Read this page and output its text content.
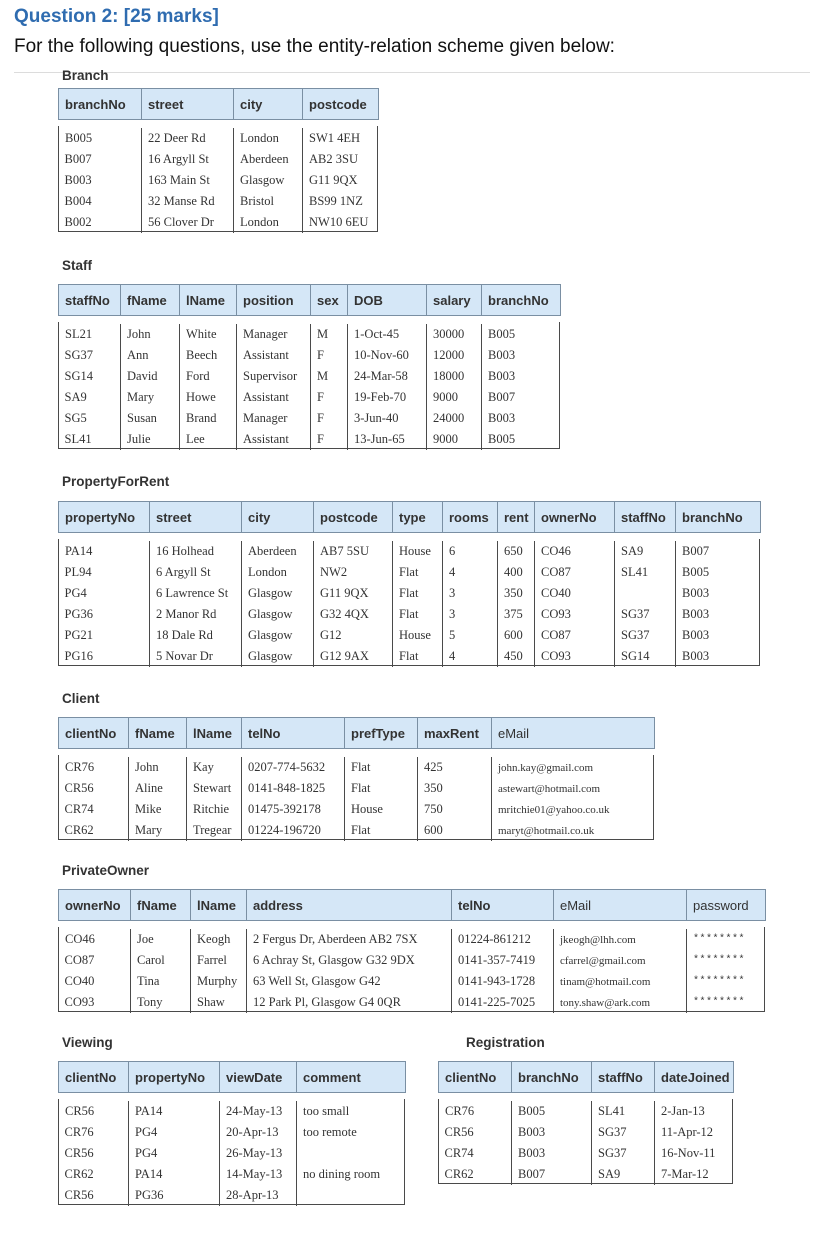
Question 2: [25 marks]

For the following questions, use the entity-relation scheme given below:

Branch
branchNo	street	city	postcode

B005	22 Deer Rd	London	SW1 4EH
B007	16 Argyll St	Aberdeen	AB2 3SU
B003	163 Main St	Glasgow	G11 9QX
B004	32 Manse Rd	Bristol	BS99 1NZ
B002	56 Clover Dr	London	NW10 6EU
Staff
staffNo	fName	lName	position	sex	DOB	salary	branchNo

SL21	John	White	Manager	M	1-Oct-45	30000	B005
SG37	Ann	Beech	Assistant	F	10-Nov-60	12000	B003
SG14	David	Ford	Supervisor	M	24-Mar-58	18000	B003
SA9	Mary	Howe	Assistant	F	19-Feb-70	9000	B007
SG5	Susan	Brand	Manager	F	3-Jun-40	24000	B003
SL41	Julie	Lee	Assistant	F	13-Jun-65	9000	B005
PropertyForRent
propertyNo	street	city	postcode	type	rooms	rent	ownerNo	staffNo	branchNo

PA14	16 Holhead	Aberdeen	AB7 5SU	House	6	650	CO46	SA9	B007
PL94	6 Argyll St	London	NW2	Flat	4	400	CO87	SL41	B005
PG4	6 Lawrence St	Glasgow	G11 9QX	Flat	3	350	CO40		B003
PG36	2 Manor Rd	Glasgow	G32 4QX	Flat	3	375	CO93	SG37	B003
PG21	18 Dale Rd	Glasgow	G12	House	5	600	CO87	SG37	B003
PG16	5 Novar Dr	Glasgow	G12 9AX	Flat	4	450	CO93	SG14	B003
Client
clientNo	fName	lName	telNo	prefType	maxRent	eMail

CR76	John	Kay	0207-774-5632	Flat	425	john.kay@gmail.com
CR56	Aline	Stewart	0141-848-1825	Flat	350	astewart@hotmail.com
CR74	Mike	Ritchie	01475-392178	House	750	mritchie01@yahoo.co.uk
CR62	Mary	Tregear	01224-196720	Flat	600	maryt@hotmail.co.uk
PrivateOwner
ownerNo	fName	lName	address	telNo	eMail	password

CO46	Joe	Keogh	2 Fergus Dr, Aberdeen AB2 7SX	01224-861212	jkeogh@lhh.com	********
CO87	Carol	Farrel	6 Achray St, Glasgow G32 9DX	0141-357-7419	cfarrel@gmail.com	********
CO40	Tina	Murphy	63 Well St, Glasgow G42	0141-943-1728	tinam@hotmail.com	********
CO93	Tony	Shaw	12 Park Pl, Glasgow G4 0QR	0141-225-7025	tony.shaw@ark.com	********
Viewing
clientNo	propertyNo	viewDate	comment

CR56	PA14	24-May-13	too small
CR76	PG4	20-Apr-13	too remote
CR56	PG4	26-May-13	
CR62	PA14	14-May-13	no dining room
CR56	PG36	28-Apr-13	
Registration
clientNo	branchNo	staffNo	dateJoined

CR76	B005	SL41	2-Jan-13
CR56	B003	SG37	11-Apr-12
CR74	B003	SG37	16-Nov-11
CR62	B007	SA9	7-Mar-12
